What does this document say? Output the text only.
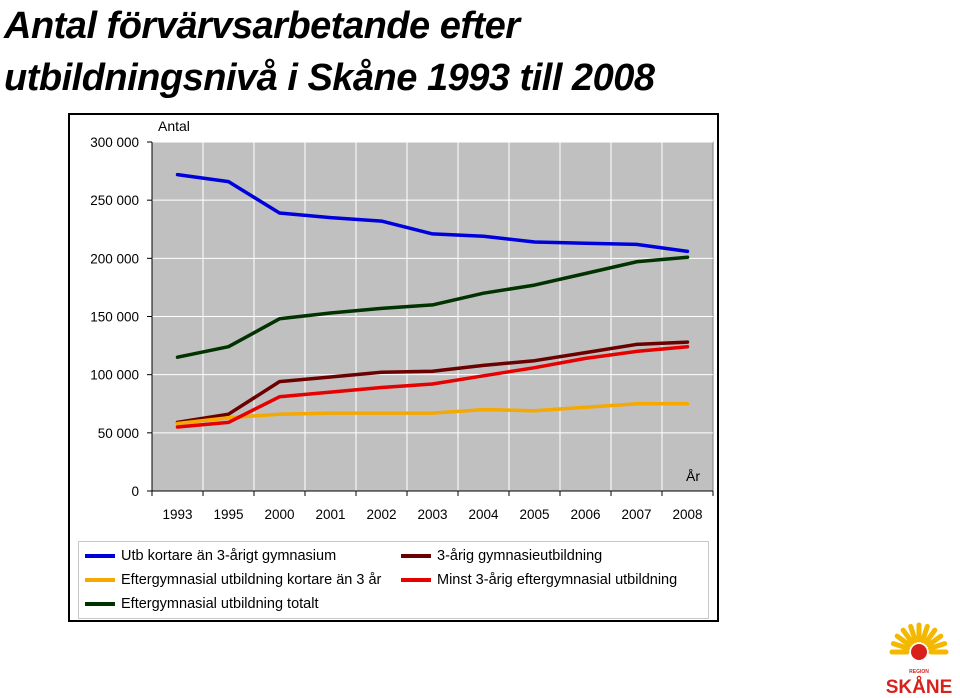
Antal förvärvsarbetande efter
utbildningsnivå i Skåne 1993 till 2008
0
50 000
100 000
150 000
200 000
250 000
300 000
1993 1995 2000 2001 2002 2003 2004 2005 2006 2007 2008
Antal
År
Utb kortare än 3-årigt gymnasium	3-årig gymnasieutbildning
Eftergymnasial utbildning kortare än 3 år	Minst 3-årig eftergymnasial utbildning
Eftergymnasial utbildning totalt
REGION
SKÅNE
